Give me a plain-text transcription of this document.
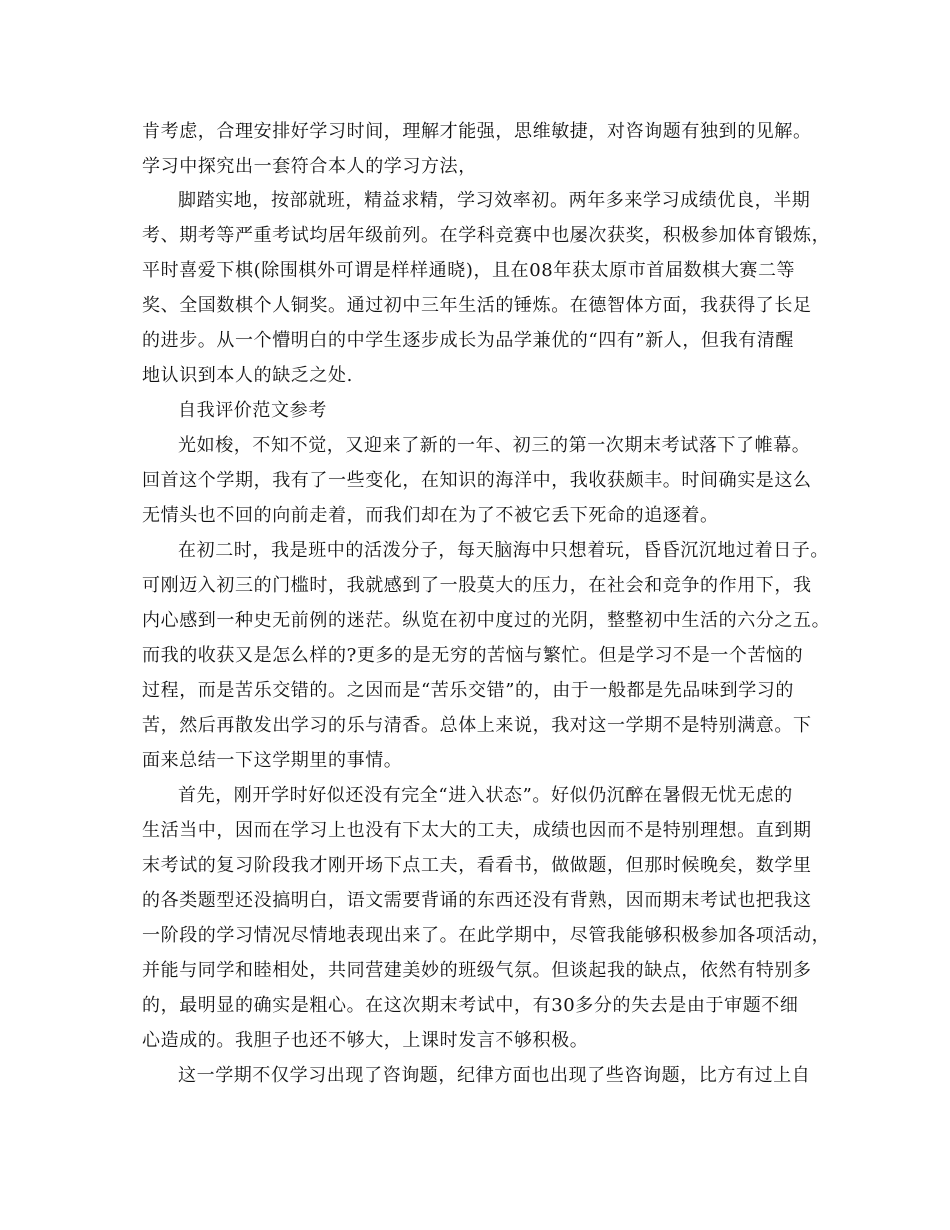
肯考虑，合理安排好学习时间，理解才能强，思维敏捷，对咨询题有独到的见解。
学习中探究出一套符合本人的学习方法，
脚踏实地，按部就班，精益求精，学习效率初。两年多来学习成绩优良，半期
考、期考等严重考试均居年级前列。在学科竞赛中也屡次获奖，积极参加体育锻炼，
平时喜爱下棋(除围棋外可谓是样样通晓)，且在08年获太原市首届数棋大赛二等
奖、全国数棋个人铜奖。通过初中三年生活的锤炼。在德智体方面，我获得了长足
的进步。从一个懵明白的中学生逐步成长为品学兼优的“四有”新人，但我有清醒
地认识到本人的缺乏之处.
自我评价范文参考
光如梭，不知不觉，又迎来了新的一年、初三的第一次期末考试落下了帷幕。
回首这个学期，我有了一些变化，在知识的海洋中，我收获颇丰。时间确实是这么
无情头也不回的向前走着，而我们却在为了不被它丢下死命的追逐着。
在初二时，我是班中的活泼分子，每天脑海中只想着玩，昏昏沉沉地过着日子。
可刚迈入初三的门槛时，我就感到了一股莫大的压力，在社会和竞争的作用下，我
内心感到一种史无前例的迷茫。纵览在初中度过的光阴，整整初中生活的六分之五。
而我的收获又是怎么样的?更多的是无穷的苦恼与繁忙。但是学习不是一个苦恼的
过程，而是苦乐交错的。之因而是“苦乐交错”的，由于一般都是先品味到学习的
苦，然后再散发出学习的乐与清香。总体上来说，我对这一学期不是特别满意。下
面来总结一下这学期里的事情。
首先，刚开学时好似还没有完全“进入状态”。好似仍沉醉在暑假无忧无虑的
生活当中，因而在学习上也没有下太大的工夫，成绩也因而不是特别理想。直到期
末考试的复习阶段我才刚开场下点工夫，看看书，做做题，但那时候晚矣，数学里
的各类题型还没搞明白，语文需要背诵的东西还没有背熟，因而期末考试也把我这
一阶段的学习情况尽情地表现出来了。在此学期中，尽管我能够积极参加各项活动，
并能与同学和睦相处，共同营建美妙的班级气氛。但谈起我的缺点，依然有特别多
的，最明显的确实是粗心。在这次期末考试中，有30多分的失去是由于审题不细
心造成的。我胆子也还不够大，上课时发言不够积极。
这一学期不仅学习出现了咨询题，纪律方面也出现了些咨询题，比方有过上自
